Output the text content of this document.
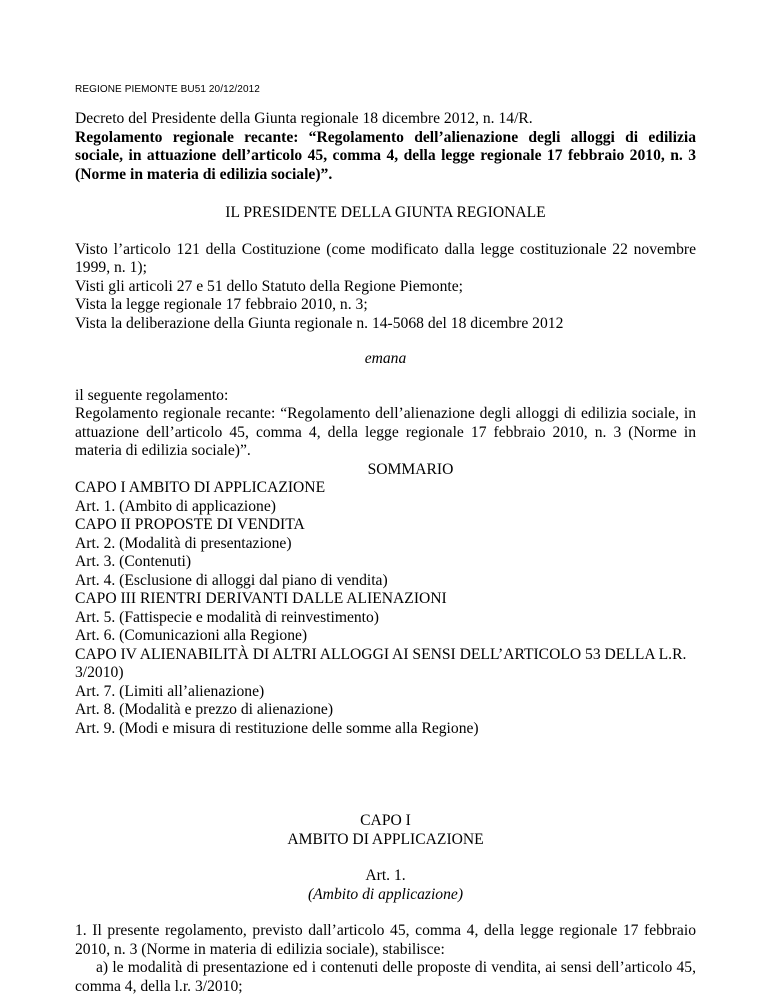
REGIONE PIEMONTE BU51 20/12/2012

Decreto del Presidente della Giunta regionale 18 dicembre 2012, n. 14/R.

Regolamento regionale recante: “Regolamento dell’alienazione degli alloggi di edilizia sociale, in attuazione dell’articolo 45, comma 4, della legge regionale 17 febbraio 2010, n. 3 (Norme in materia di edilizia sociale)”.

IL PRESIDENTE DELLA GIUNTA REGIONALE

Visto l’articolo 121 della Costituzione (come modificato dalla legge costituzionale 22 novembre 1999, n. 1);

Visti gli articoli 27 e 51 dello Statuto della Regione Piemonte;

Vista la legge regionale 17 febbraio 2010, n. 3;

Vista la deliberazione della Giunta regionale n. 14-5068 del 18 dicembre 2012

emana

il seguente regolamento:

Regolamento regionale recante: “Regolamento dell’alienazione degli alloggi di edilizia sociale, in attuazione dell’articolo 45, comma 4, della legge regionale 17 febbraio 2010, n. 3 (Norme in materia di edilizia sociale)”.

SOMMARIO

CAPO I AMBITO DI APPLICAZIONE

Art. 1. (Ambito di applicazione)

CAPO II PROPOSTE DI VENDITA

Art. 2. (Modalità di presentazione)

Art. 3. (Contenuti)

Art. 4. (Esclusione di alloggi dal piano di vendita)

CAPO III RIENTRI DERIVANTI DALLE ALIENAZIONI

Art. 5. (Fattispecie e modalità di reinvestimento)

Art. 6. (Comunicazioni alla Regione)

CAPO IV ALIENABILITÀ DI ALTRI ALLOGGI AI SENSI DELL’ARTICOLO 53 DELLA L.R. 3/2010)

Art. 7. (Limiti all’alienazione)

Art. 8. (Modalità e prezzo di alienazione)

Art. 9. (Modi e misura di restituzione delle somme alla Regione)

CAPO I

AMBITO DI APPLICAZIONE

Art. 1.

(Ambito di applicazione)

1. Il presente regolamento, previsto dall’articolo 45, comma 4, della legge regionale 17 febbraio 2010, n. 3 (Norme in materia di edilizia sociale), stabilisce:

a) le modalità di presentazione ed i contenuti delle proposte di vendita, ai sensi dell’articolo 45, comma 4, della l.r. 3/2010;
